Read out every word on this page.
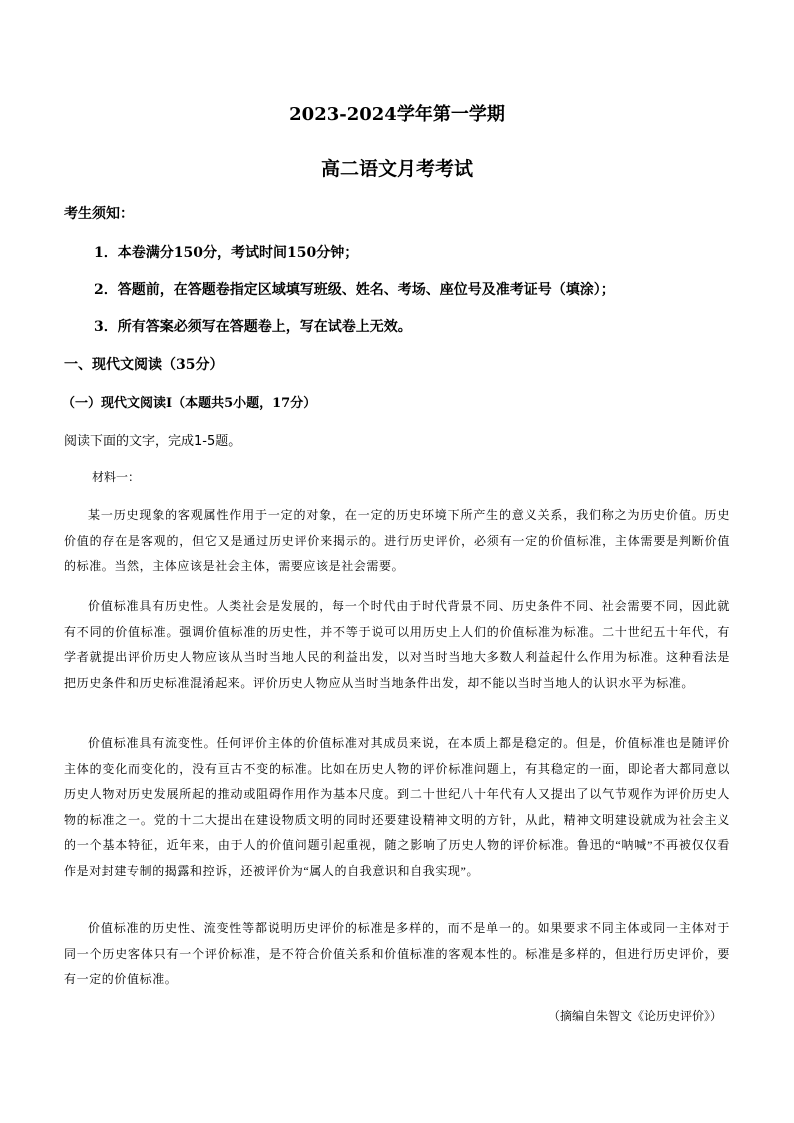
2023-2024学年第一学期
高二语文月考考试
考生须知：
1．本卷满分150分，考试时间150分钟；
2．答题前，在答题卷指定区域填写班级、姓名、考场、座位号及准考证号（填涂）；
3．所有答案必须写在答题卷上，写在试卷上无效。
一、现代文阅读（35分）
（一）现代文阅读Ⅰ（本题共5小题，17分）
阅读下面的文字，完成1-5题。
材料一：
某一历史现象的客观属性作用于一定的对象，在一定的历史环境下所产生的意义关系，我们称之为历史价值。历史价值的存在是客观的，但它又是通过历史评价来揭示的。进行历史评价，必须有一定的价值标准，主体需要是判断价值的标准。当然，主体应该是社会主体，需要应该是社会需要。
价值标准具有历史性。人类社会是发展的，每一个时代由于时代背景不同、历史条件不同、社会需要不同，因此就有不同的价值标准。强调价值标准的历史性，并不等于说可以用历史上人们的价值标准为标准。二十世纪五十年代，有学者就提出评价历史人物应该从当时当地人民的利益出发，以对当时当地大多数人利益起什么作用为标准。这种看法是把历史条件和历史标准混淆起来。评价历史人物应从当时当地条件出发，却不能以当时当地人的认识水平为标准。
价值标准具有流变性。任何评价主体的价值标准对其成员来说，在本质上都是稳定的。但是，价值标准也是随评价主体的变化而变化的，没有亘古不变的标准。比如在历史人物的评价标准问题上，有其稳定的一面，即论者大都同意以历史人物对历史发展所起的推动或阻碍作用作为基本尺度。到二十世纪八十年代有人又提出了以气节观作为评价历史人物的标准之一。党的十二大提出在建设物质文明的同时还要建设精神文明的方针，从此，精神文明建设就成为社会主义的一个基本特征，近年来，由于人的价值问题引起重视，随之影响了历史人物的评价标准。鲁迅的“呐喊”不再被仅仅看作是对封建专制的揭露和控诉，还被评价为“属人的自我意识和自我实现”。
价值标准的历史性、流变性等都说明历史评价的标准是多样的，而不是单一的。如果要求不同主体或同一主体对于同一个历史客体只有一个评价标准，是不符合价值关系和价值标准的客观本性的。标准是多样的，但进行历史评价，要有一定的价值标准。
（摘编自朱智文《论历史评价》）
